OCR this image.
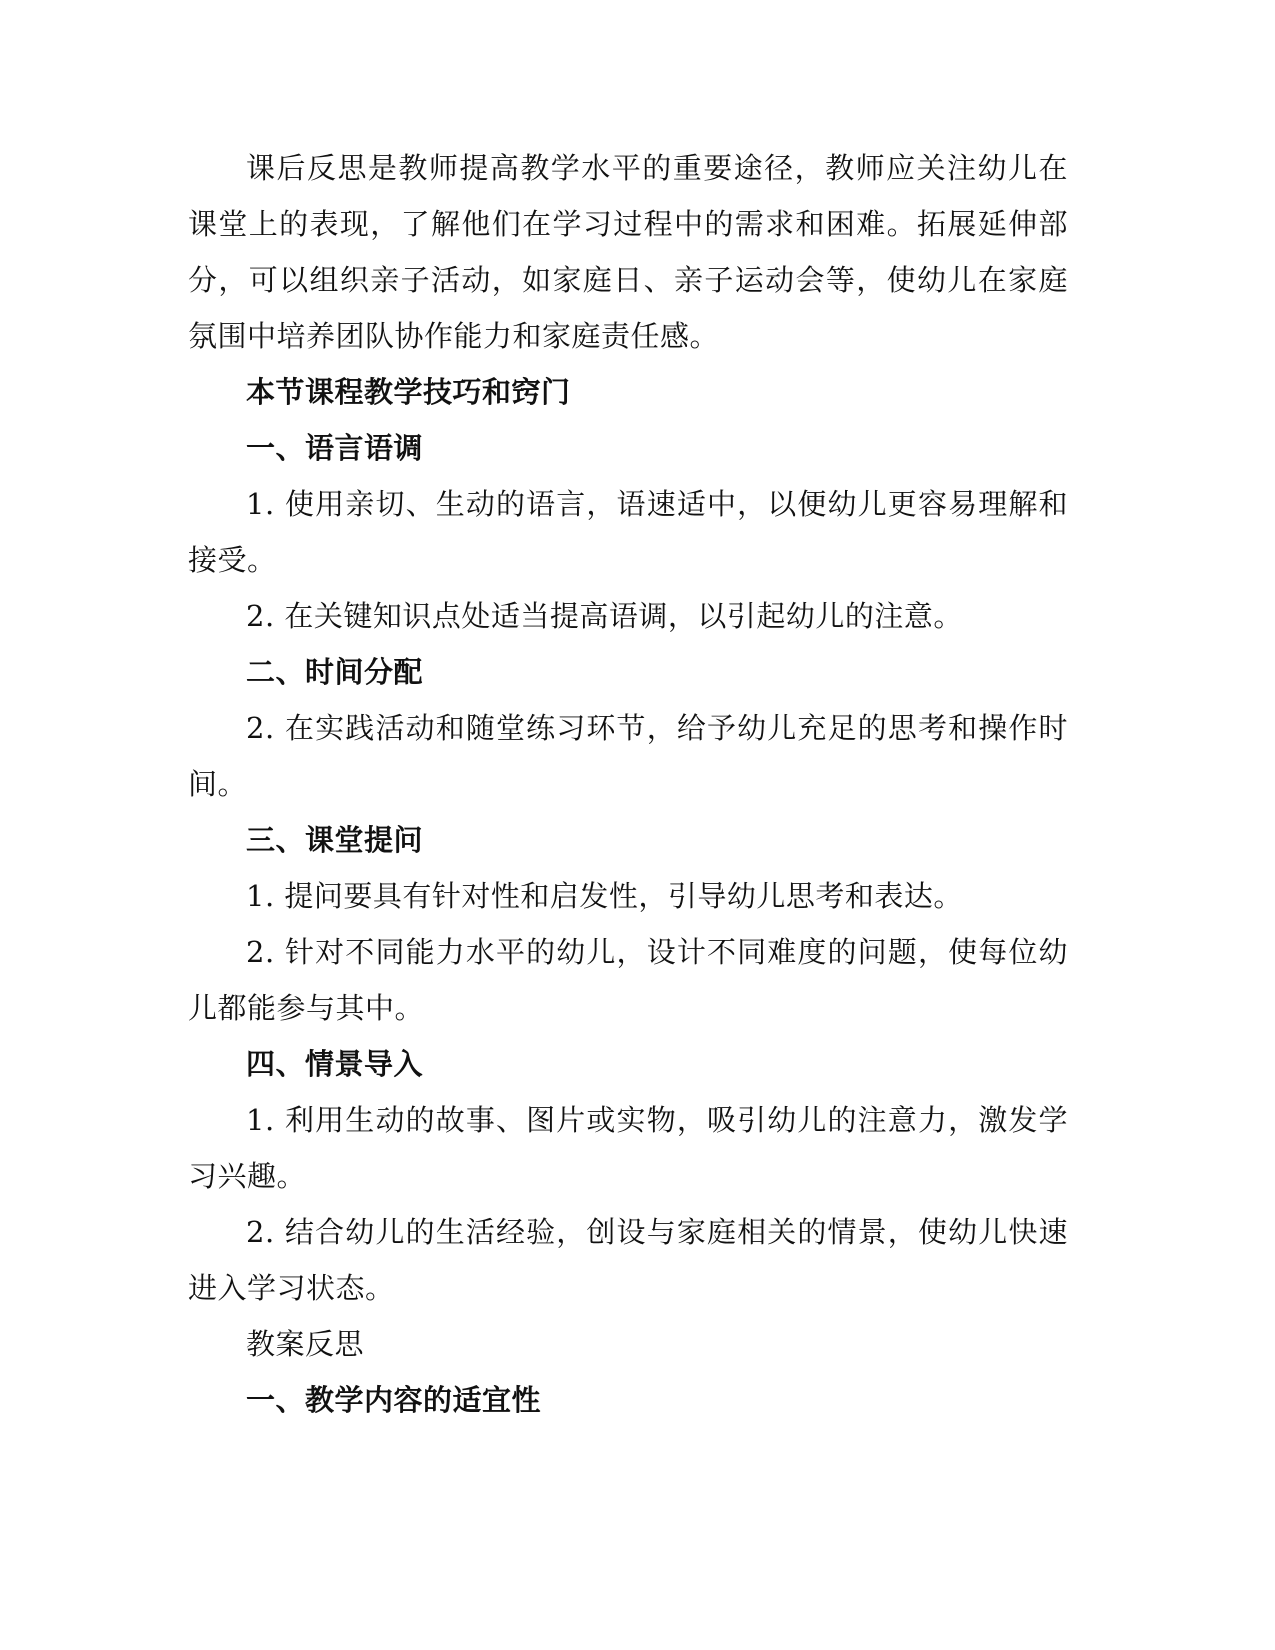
课后反思是教师提高教学水平的重要途径，教师应关注幼儿在课堂上的表现，了解他们在学习过程中的需求和困难。拓展延伸部分，可以组织亲子活动，如家庭日、亲子运动会等，使幼儿在家庭氛围中培养团队协作能力和家庭责任感。

本节课程教学技巧和窍门

一、语言语调

1. 使用亲切、生动的语言，语速适中，以便幼儿更容易理解和接受。

2. 在关键知识点处适当提高语调，以引起幼儿的注意。

二、时间分配

2. 在实践活动和随堂练习环节，给予幼儿充足的思考和操作时间。

三、课堂提问

1. 提问要具有针对性和启发性，引导幼儿思考和表达。

2. 针对不同能力水平的幼儿，设计不同难度的问题，使每位幼儿都能参与其中。

四、情景导入

1. 利用生动的故事、图片或实物，吸引幼儿的注意力，激发学习兴趣。

2. 结合幼儿的生活经验，创设与家庭相关的情景，使幼儿快速进入学习状态。

教案反思

一、教学内容的适宜性
